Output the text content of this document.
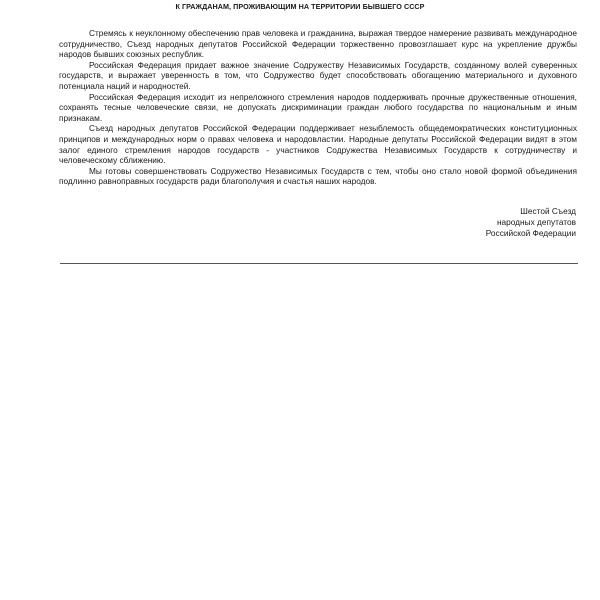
К ГРАЖДАНАМ, ПРОЖИВАЮЩИМ НА ТЕРРИТОРИИ БЫВШЕГО СССР

Стремясь к неуклонному обеспечению прав человека и гражданина, выражая твердое намерение развивать международное сотрудничество, Съезд народных депутатов Российской Федерации торжественно провозглашает курс на укрепление дружбы народов бывших союзных республик.

Российская Федерация придает важное значение Содружеству Независимых Государств, созданному волей суверенных государств, и выражает уверенность в том, что Содружество будет способствовать обогащению материального и духовного потенциала наций и народностей.

Российская Федерация исходит из непреложного стремления народов поддерживать прочные дружественные отношения, сохранять тесные человеческие связи, не допускать дискриминации граждан любого государства по национальным и иным признакам.

Съезд народных депутатов Российской Федерации поддерживает незыблемость общедемократических конституционных принципов и международных норм о правах человека и народовластии. Народные депутаты Российской Федерации видят в этом залог единого стремления народов государств - участников Содружества Независимых Государств к сотрудничеству и человеческому сближению.

Мы готовы совершенствовать Содружество Независимых Государств с тем, чтобы оно стало новой формой объединения подлинно равноправных государств ради благополучия и счастья наших народов.

Шестой Съезд
народных депутатов
Российской Федерации
